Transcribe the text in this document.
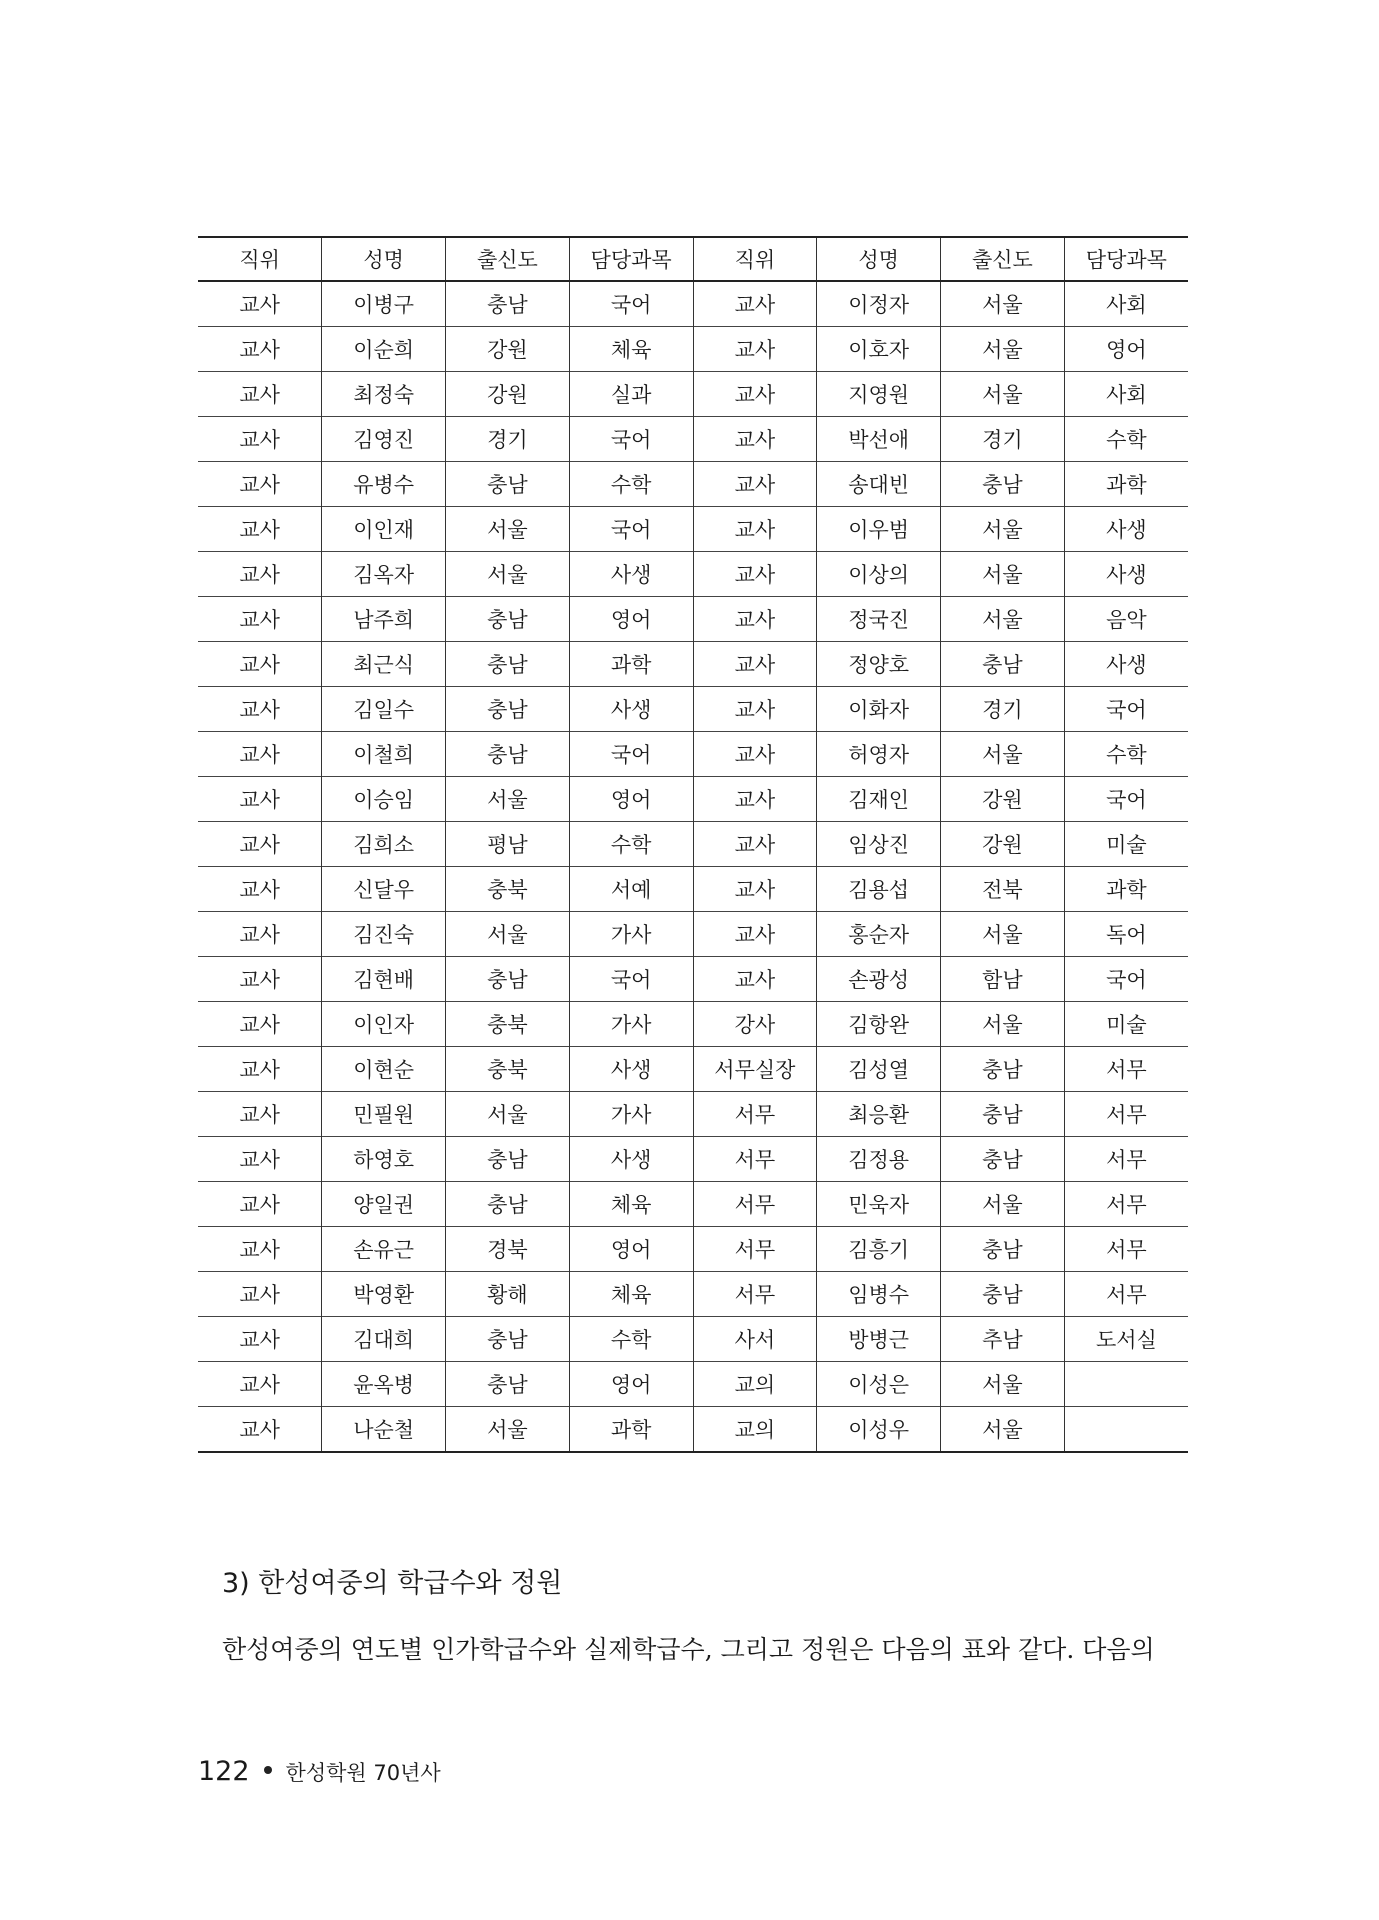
직위	성명	출신도	담당과목	직위	성명	출신도	담당과목
교사	이병구	충남	국어	교사	이정자	서울	사회
교사	이순희	강원	체육	교사	이호자	서울	영어
교사	최정숙	강원	실과	교사	지영원	서울	사회
교사	김영진	경기	국어	교사	박선애	경기	수학
교사	유병수	충남	수학	교사	송대빈	충남	과학
교사	이인재	서울	국어	교사	이우범	서울	사생
교사	김옥자	서울	사생	교사	이상의	서울	사생
교사	남주희	충남	영어	교사	정국진	서울	음악
교사	최근식	충남	과학	교사	정양호	충남	사생
교사	김일수	충남	사생	교사	이화자	경기	국어
교사	이철희	충남	국어	교사	허영자	서울	수학
교사	이승임	서울	영어	교사	김재인	강원	국어
교사	김희소	평남	수학	교사	임상진	강원	미술
교사	신달우	충북	서예	교사	김용섭	전북	과학
교사	김진숙	서울	가사	교사	홍순자	서울	독어
교사	김현배	충남	국어	교사	손광성	함남	국어
교사	이인자	충북	가사	강사	김항완	서울	미술
교사	이현순	충북	사생	서무실장	김성열	충남	서무
교사	민필원	서울	가사	서무	최응환	충남	서무
교사	하영호	충남	사생	서무	김정용	충남	서무
교사	양일권	충남	체육	서무	민욱자	서울	서무
교사	손유근	경북	영어	서무	김흥기	충남	서무
교사	박영환	황해	체육	서무	임병수	충남	서무
교사	김대희	충남	수학	사서	방병근	추남	도서실
교사	윤옥병	충남	영어	교의	이성은	서울	
교사	나순철	서울	과학	교의	이성우	서울	
3) 한성여중의 학급수와 정원

한성여중의 연도별 인가학급수와 실제학급수, 그리고 정원은 다음의 표와 같다. 다음의

122 한성학원 70년사
